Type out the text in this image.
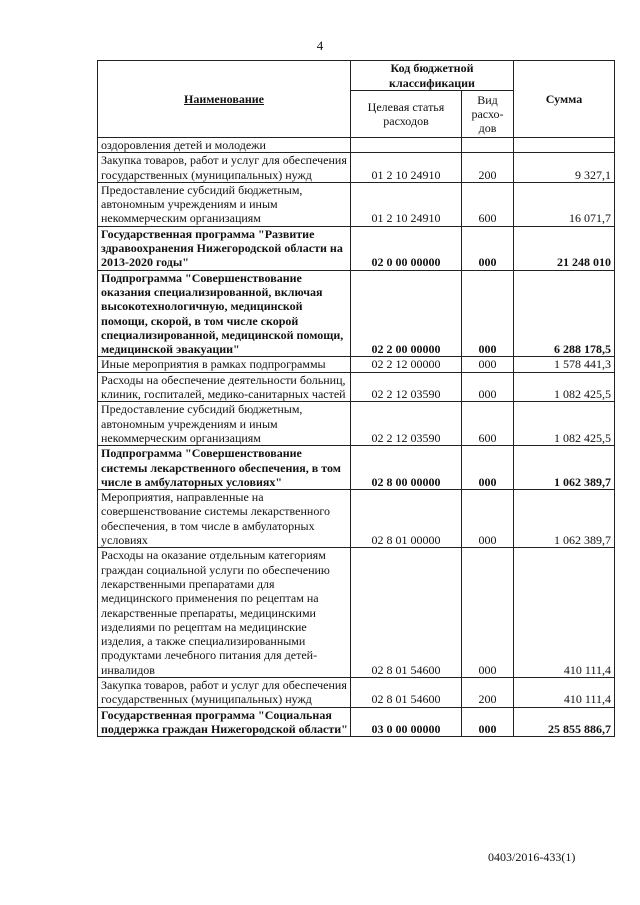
4
Наименование	Код бюджетной классификации		Сумма
	Целевая статья расходов	Вид расхо-дов	
оздоровления детей и молодежи			
Закупка товаров, работ и услуг для обеспечения государственных (муниципальных) нужд	01 2 10 24910	200	9 327,1
Предоставление субсидий бюджетным, автономным учреждениям и иным некоммерческим организациям	01 2 10 24910	600	16 071,7
Государственная программа "Развитие здравоохранения Нижегородской области на 2013-2020 годы"	02 0 00 00000	000	21 248 010
Подпрограмма "Совершенствование оказания специализированной, включая высокотехнологичную, медицинской помощи, скорой, в том числе скорой специализированной, медицинской помощи, медицинской эвакуации"	02 2 00 00000	000	6 288 178,5
Иные мероприятия в рамках подпрограммы	02 2 12 00000	000	1 578 441,3
Расходы на обеспечение деятельности больниц, клиник, госпиталей, медико-санитарных частей	02 2 12 03590	000	1 082 425,5
Предоставление субсидий бюджетным, автономным учреждениям и иным некоммерческим организациям	02 2 12 03590	600	1 082 425,5
Подпрограмма "Совершенствование системы лекарственного обеспечения, в том числе в амбулаторных условиях"	02 8 00 00000	000	1 062 389,7
Мероприятия, направленные на совершенствование системы лекарственного обеспечения, в том числе в амбулаторных условиях	02 8 01 00000	000	1 062 389,7
Расходы на оказание отдельным категориям граждан социальной услуги по обеспечению лекарственными препаратами для медицинского применения по рецептам на лекарственные препараты, медицинскими изделиями по рецептам на медицинские изделия, а также специализированными продуктами лечебного питания для детей-инвалидов	02 8 01 54600	000	410 111,4
Закупка товаров, работ и услуг для обеспечения государственных (муниципальных) нужд	02 8 01 54600	200	410 111,4
Государственная программа "Социальная поддержка граждан Нижегородской области"	03 0 00 00000	000	25 855 886,7
0403/2016-433(1)
